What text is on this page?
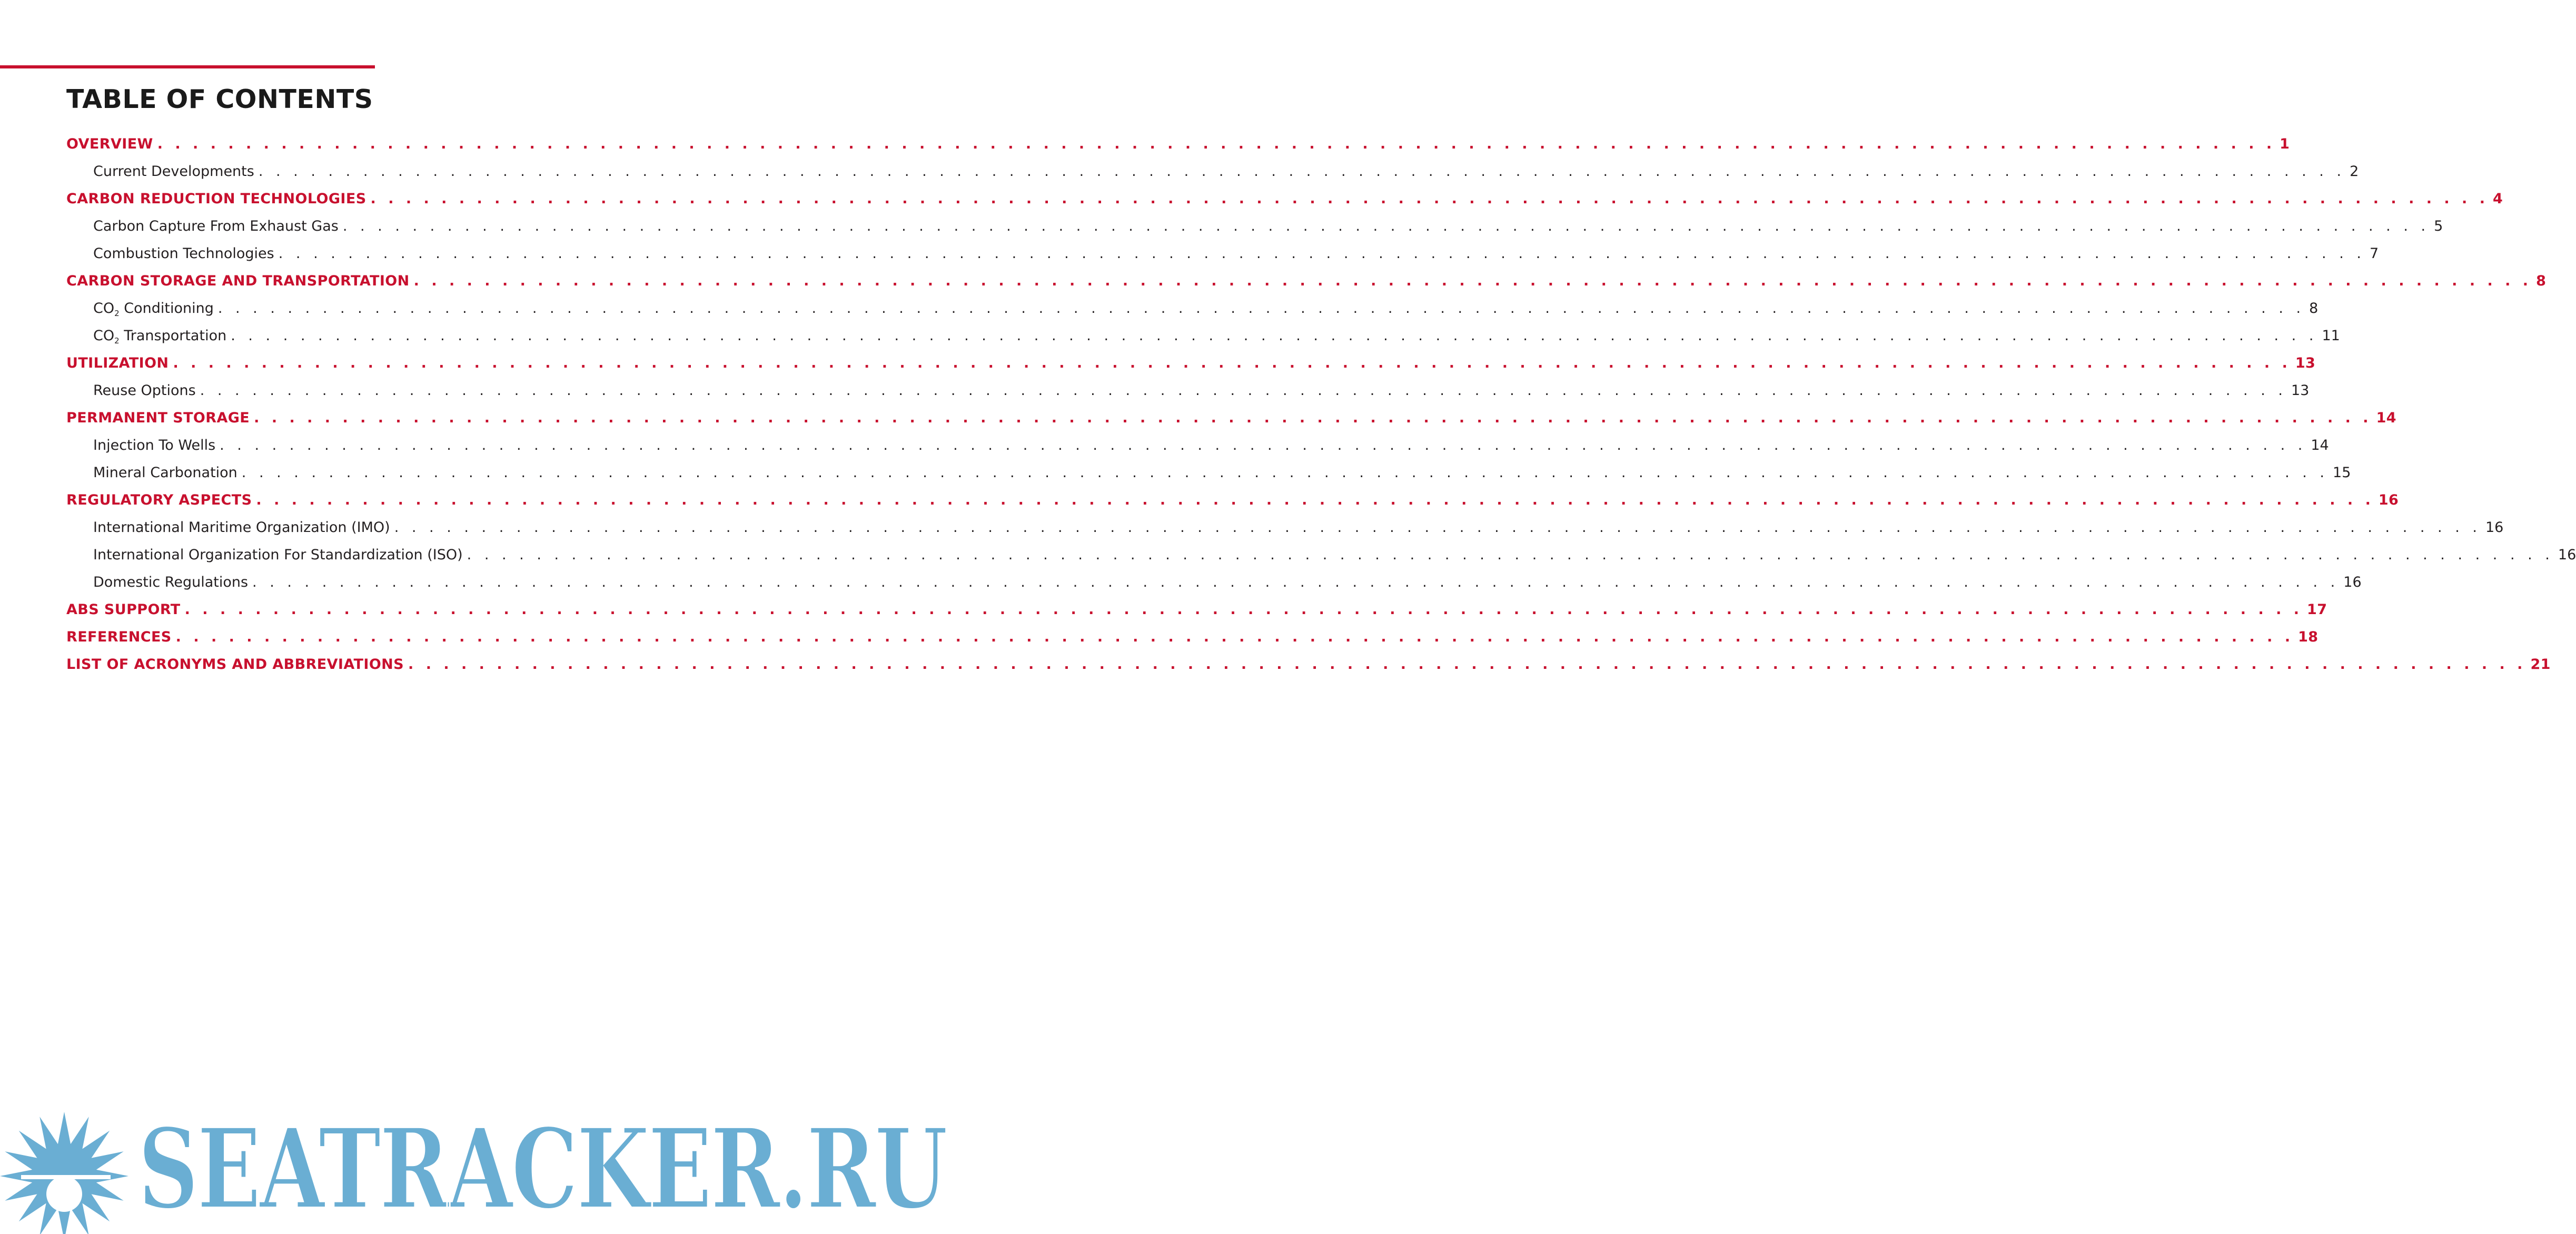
TABLE OF CONTENTS
OVERVIEW . . . . . . . . . . . . . . . . . . . . . . . . . . . . . . . . . . . . . . . . . . . . . . . . . . . . . . . . . . . . . . . . . . . . . . . . . . . . . . . . . . . . . . . . . . . . . . . . . . . . . . . . . . . . . . . . . . . . . . . . 1
Current Developments . . . . . . . . . . . . . . . . . . . . . . . . . . . . . . . . . . . . . . . . . . . . . . . . . . . . . . . . . . . . . . . . . . . . . . . . . . . . . . . . . . . . . . . . . . . . . . . . . . . . . . . . . . . . . . . . . . . . . . . . 2
CARBON REDUCTION TECHNOLOGIES . . . . . . . . . . . . . . . . . . . . . . . . . . . . . . . . . . . . . . . . . . . . . . . . . . . . . . . . . . . . . . . . . . . . . . . . . . . . . . . . . . . . . . . . . . . . . . . . . . . . . . . . . . . . . . . . . . . . . . . . 4
Carbon Capture From Exhaust Gas . . . . . . . . . . . . . . . . . . . . . . . . . . . . . . . . . . . . . . . . . . . . . . . . . . . . . . . . . . . . . . . . . . . . . . . . . . . . . . . . . . . . . . . . . . . . . . . . . . . . . . . . . . . . . . . . . . . . . . . . 5
Combustion Technologies . . . . . . . . . . . . . . . . . . . . . . . . . . . . . . . . . . . . . . . . . . . . . . . . . . . . . . . . . . . . . . . . . . . . . . . . . . . . . . . . . . . . . . . . . . . . . . . . . . . . . . . . . . . . . . . . . . . . . . . . 7
CARBON STORAGE AND TRANSPORTATION . . . . . . . . . . . . . . . . . . . . . . . . . . . . . . . . . . . . . . . . . . . . . . . . . . . . . . . . . . . . . . . . . . . . . . . . . . . . . . . . . . . . . . . . . . . . . . . . . . . . . . . . . . . . . . . . . . . . . . . . 8
$CO_2$ Conditioning . . . . . . . . . . . . . . . . . . . . . . . . . . . . . . . . . . . . . . . . . . . . . . . . . . . . . . . . . . . . . . . . . . . . . . . . . . . . . . . . . . . . . . . . . . . . . . . . . . . . . . . . . . . . . . . . . . . . . . . . 8
$CO_2$ Transportation . . . . . . . . . . . . . . . . . . . . . . . . . . . . . . . . . . . . . . . . . . . . . . . . . . . . . . . . . . . . . . . . . . . . . . . . . . . . . . . . . . . . . . . . . . . . . . . . . . . . . . . . . . . . . . . . . . . . . . . . 11
UTILIZATION . . . . . . . . . . . . . . . . . . . . . . . . . . . . . . . . . . . . . . . . . . . . . . . . . . . . . . . . . . . . . . . . . . . . . . . . . . . . . . . . . . . . . . . . . . . . . . . . . . . . . . . . . . . . . . . . . . . . . . . . 13
Reuse Options . . . . . . . . . . . . . . . . . . . . . . . . . . . . . . . . . . . . . . . . . . . . . . . . . . . . . . . . . . . . . . . . . . . . . . . . . . . . . . . . . . . . . . . . . . . . . . . . . . . . . . . . . . . . . . . . . . . . . . . . 13
PERMANENT STORAGE . . . . . . . . . . . . . . . . . . . . . . . . . . . . . . . . . . . . . . . . . . . . . . . . . . . . . . . . . . . . . . . . . . . . . . . . . . . . . . . . . . . . . . . . . . . . . . . . . . . . . . . . . . . . . . . . . . . . . . . . 14
Injection To Wells . . . . . . . . . . . . . . . . . . . . . . . . . . . . . . . . . . . . . . . . . . . . . . . . . . . . . . . . . . . . . . . . . . . . . . . . . . . . . . . . . . . . . . . . . . . . . . . . . . . . . . . . . . . . . . . . . . . . . . . . 14
Mineral Carbonation . . . . . . . . . . . . . . . . . . . . . . . . . . . . . . . . . . . . . . . . . . . . . . . . . . . . . . . . . . . . . . . . . . . . . . . . . . . . . . . . . . . . . . . . . . . . . . . . . . . . . . . . . . . . . . . . . . . . . . . . 15
REGULATORY ASPECTS . . . . . . . . . . . . . . . . . . . . . . . . . . . . . . . . . . . . . . . . . . . . . . . . . . . . . . . . . . . . . . . . . . . . . . . . . . . . . . . . . . . . . . . . . . . . . . . . . . . . . . . . . . . . . . . . . . . . . . . . 16
International Maritime Organization (IMO) . . . . . . . . . . . . . . . . . . . . . . . . . . . . . . . . . . . . . . . . . . . . . . . . . . . . . . . . . . . . . . . . . . . . . . . . . . . . . . . . . . . . . . . . . . . . . . . . . . . . . . . . . . . . . . . . . . . . . . . . 16
International Organization For Standardization (ISO) . . . . . . . . . . . . . . . . . . . . . . . . . . . . . . . . . . . . . . . . . . . . . . . . . . . . . . . . . . . . . . . . . . . . . . . . . . . . . . . . . . . . . . . . . . . . . . . . . . . . . . . . . . . . . . . . . . . . . . . . 16
Domestic Regulations . . . . . . . . . . . . . . . . . . . . . . . . . . . . . . . . . . . . . . . . . . . . . . . . . . . . . . . . . . . . . . . . . . . . . . . . . . . . . . . . . . . . . . . . . . . . . . . . . . . . . . . . . . . . . . . . . . . . . . . . 16
ABS SUPPORT . . . . . . . . . . . . . . . . . . . . . . . . . . . . . . . . . . . . . . . . . . . . . . . . . . . . . . . . . . . . . . . . . . . . . . . . . . . . . . . . . . . . . . . . . . . . . . . . . . . . . . . . . . . . . . . . . . . . . . . . 17
REFERENCES . . . . . . . . . . . . . . . . . . . . . . . . . . . . . . . . . . . . . . . . . . . . . . . . . . . . . . . . . . . . . . . . . . . . . . . . . . . . . . . . . . . . . . . . . . . . . . . . . . . . . . . . . . . . . . . . . . . . . . . . 18
LIST OF ACRONYMS AND ABBREVIATIONS . . . . . . . . . . . . . . . . . . . . . . . . . . . . . . . . . . . . . . . . . . . . . . . . . . . . . . . . . . . . . . . . . . . . . . . . . . . . . . . . . . . . . . . . . . . . . . . . . . . . . . . . . . . . . . . . . . . . . . . . 21
SEATRACKER.RU
